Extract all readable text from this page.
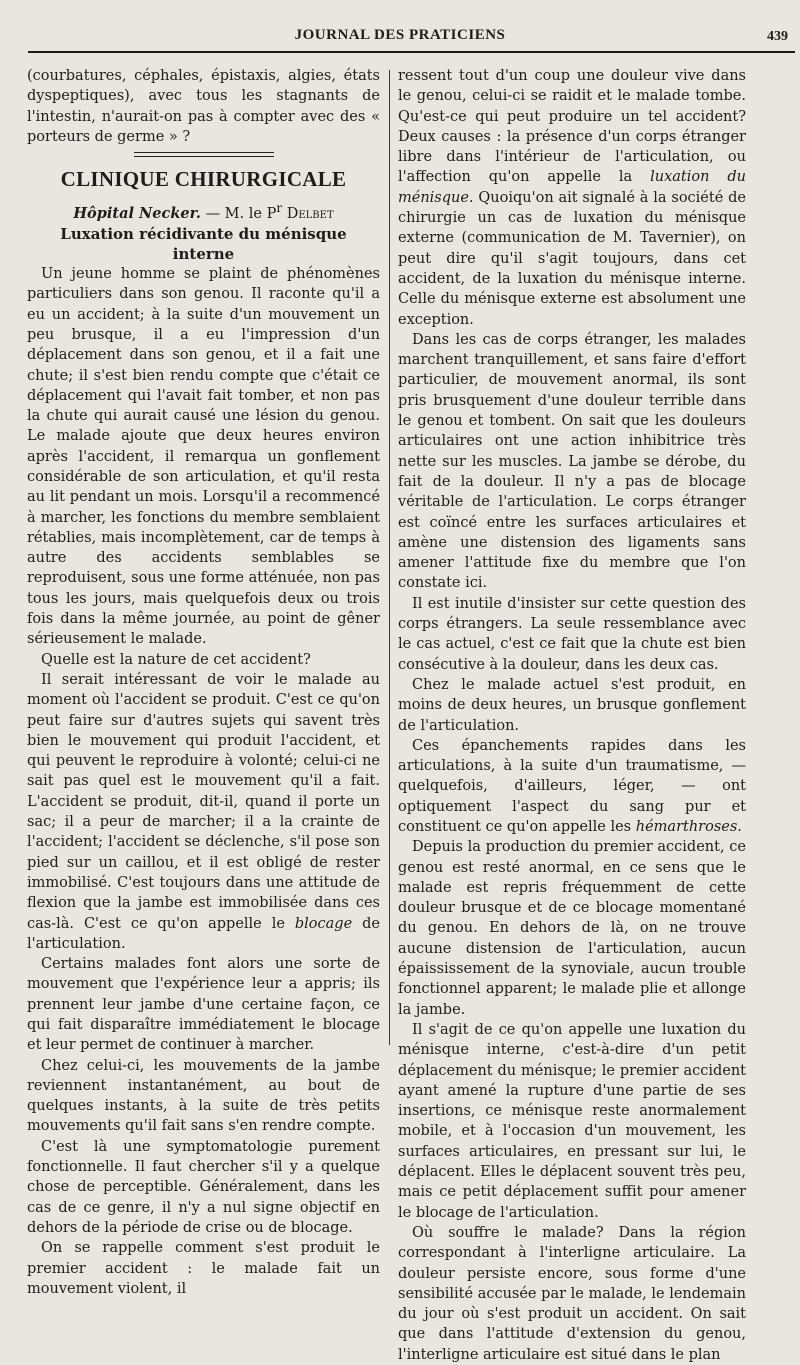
JOURNAL DES PRATICIENS	439

(courbatures, céphales, épistaxis, algies, états dyspeptiques), avec tous les stagnants de l'intestin, n'aurait-on pas à compter avec des « porteurs de germe » ?

CLINIQUE CHIRURGICALE

Hôpital Necker. — M. le $P^r$ Delbet

Luxation récidivante du ménisque interne

Un jeune homme se plaint de phénomènes particuliers dans son genou. Il raconte qu'il a eu un accident; à la suite d'un mouvement un peu brusque, il a eu l'impression d'un déplacement dans son genou, et il a fait une chute; il s'est bien rendu compte que c'était ce déplacement qui l'avait fait tomber, et non pas la chute qui aurait causé une lésion du genou. Le malade ajoute que deux heures environ après l'accident, il remarqua un gonflement considérable de son articulation, et qu'il resta au lit pendant un mois. Lorsqu'il a recommencé à marcher, les fonctions du membre semblaient rétablies, mais incomplètement, car de temps à autre des accidents semblables se reproduisent, sous une forme atténuée, non pas tous les jours, mais quelquefois deux ou trois fois dans la même journée, au point de gêner sérieusement le malade.

Quelle est la nature de cet accident?

Il serait intéressant de voir le malade au moment où l'accident se produit. C'est ce qu'on peut faire sur d'autres sujets qui savent très bien le mouvement qui produit l'accident, et qui peuvent le reproduire à volonté; celui-ci ne sait pas quel est le mouvement qu'il a fait. L'accident se produit, dit-il, quand il porte un sac; il a peur de marcher; il a la crainte de l'accident; l'accident se déclenche, s'il pose son pied sur un caillou, et il est obligé de rester immobilisé. C'est toujours dans une attitude de flexion que la jambe est immobilisée dans ces cas-là. C'est ce qu'on appelle le blocage de l'articulation.

Certains malades font alors une sorte de mouvement que l'expérience leur a appris; ils prennent leur jambe d'une certaine façon, ce qui fait disparaître immédiatement le blocage et leur permet de continuer à marcher.

Chez celui-ci, les mouvements de la jambe reviennent instantanément, au bout de quelques instants, à la suite de très petits mouvements qu'il fait sans s'en rendre compte.

C'est là une symptomatologie purement fonctionnelle. Il faut chercher s'il y a quelque chose de perceptible. Généralement, dans les cas de ce genre, il n'y a nul signe objectif en dehors de la période de crise ou de blocage.

On se rappelle comment s'est produit le premier accident : le malade fait un mouvement violent, il

ressent tout d'un coup une douleur vive dans le genou, celui-ci se raidit et le malade tombe. Qu'est-ce qui peut produire un tel accident? Deux causes : la présence d'un corps étranger libre dans l'intérieur de l'articulation, ou l'affection qu'on appelle la luxation du ménisque. Quoiqu'on ait signalé à la société de chirurgie un cas de luxation du ménisque externe (communication de M. Tavernier), on peut dire qu'il s'agit toujours, dans cet accident, de la luxation du ménisque interne. Celle du ménisque externe est absolument une exception.

Dans les cas de corps étranger, les malades marchent tranquillement, et sans faire d'effort particulier, de mouvement anormal, ils sont pris brusquement d'une douleur terrible dans le genou et tombent. On sait que les douleurs articulaires ont une action inhibitrice très nette sur les muscles. La jambe se dérobe, du fait de la douleur. Il n'y a pas de blocage véritable de l'articulation. Le corps étranger est coïncé entre les surfaces articulaires et amène une distension des ligaments sans amener l'attitude fixe du membre que l'on constate ici.

Il est inutile d'insister sur cette question des corps étrangers. La seule ressemblance avec le cas actuel, c'est ce fait que la chute est bien consécutive à la douleur, dans les deux cas.

Chez le malade actuel s'est produit, en moins de deux heures, un brusque gonflement de l'articulation.

Ces épanchements rapides dans les articulations, à la suite d'un traumatisme, — quelquefois, d'ailleurs, léger, — ont optiquement l'aspect du sang pur et constituent ce qu'on appelle les hémarthroses.

Depuis la production du premier accident, ce genou est resté anormal, en ce sens que le malade est repris fréquemment de cette douleur brusque et de ce blocage momentané du genou. En dehors de là, on ne trouve aucune distension de l'articulation, aucun épaississement de la synoviale, aucun trouble fonctionnel apparent; le malade plie et allonge la jambe.

Il s'agit de ce qu'on appelle une luxation du ménisque interne, c'est-à-dire d'un petit déplacement du ménisque; le premier accident ayant amené la rupture d'une partie de ses insertions, ce ménisque reste anormalement mobile, et à l'occasion d'un mouvement, les surfaces articulaires, en pressant sur lui, le déplacent. Elles le déplacent souvent très peu, mais ce petit déplacement suffit pour amener le blocage de l'articulation.

Où souffre le malade? Dans la région correspondant à l'interligne articulaire. La douleur persiste encore, sous forme d'une sensibilité accusée par le malade, le lendemain du jour où s'est produit un accident. On sait que dans l'attitude d'extension du genou, l'interligne articulaire est situé dans le plan
